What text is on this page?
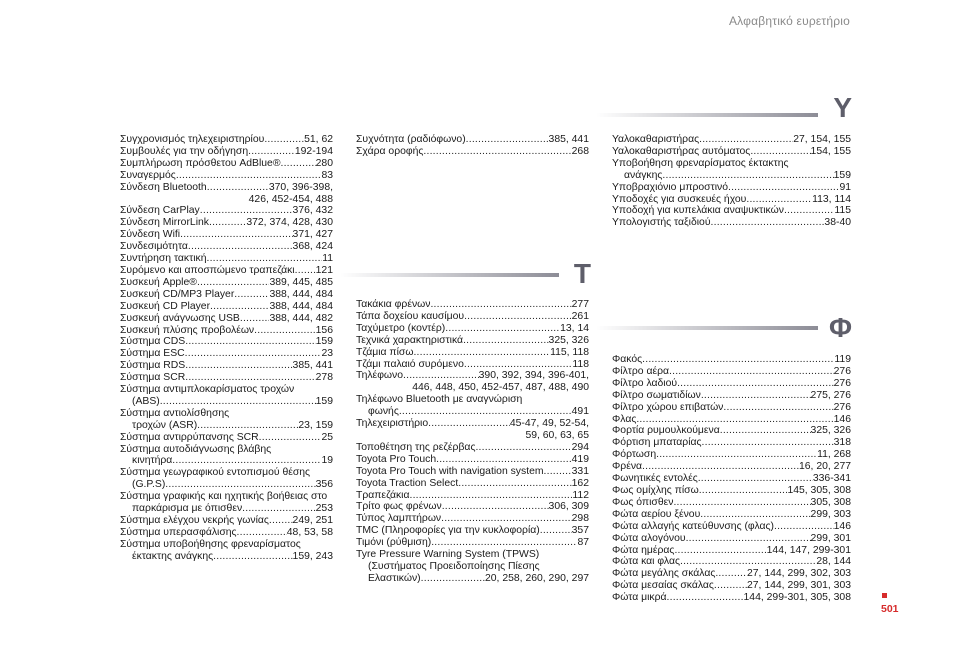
Αλφαβητικό ευρετήριο
Συγχρονισμός τηλεχειριστηρίου .....	51, 62
Συμβουλές για την οδήγηση .....	192-194
Συμπλήρωση πρόσθετου AdBlue® .....	280
Συναγερμός .....	83
Σύνδεση Bluetooth .....	370, 396-398,
426, 452-454, 488
Σύνδεση CarPlay .....	376, 432
Σύνδεση MirrorLink .....	372, 374, 428, 430
Σύνδεση Wifi .....	371, 427
Συνδεσιμότητα .....	368, 424
Συντήρηση τακτική .....	11
Συρόμενο και αποσπώμενο τραπεζάκι ..... 121
Συσκευή Apple® .....	389, 445, 485
Συσκευή CD/MP3 Player .....	388, 444, 484
Συσκευή CD Player .....	388, 444, 484
Συσκευή ανάγνωσης USB .....	388, 444, 482
Συσκευή πλύσης προβολέων .....	156
Σύστημα CDS .....	159
Σύστημα ESC .....	23
Σύστημα RDS .....	385, 441
Σύστημα SCR .....	278
Σύστημα αντιμπλοκαρίσματος τροχών
(ABS) .....	159
Σύστημα αντιολίσθησης
τροχών (ASR) .....	23, 159
Σύστημα αντιρρύπανσης SCR .....	25
Σύστημα αυτοδιάγνωσης βλάβης
κινητήρα .....	19
Σύστημα γεωγραφικού εντοπισμού θέσης
(G.P.S) .....	356
Σύστημα γραφικής και ηχητικής βοήθειας στο
παρκάρισμα με όπισθεν .....	253
Σύστημα ελέγχου νεκρής γωνίας ..... 249, 251
Σύστημα υπερασφάλισης .....	48, 53, 58
Σύστημα υποβοήθησης φρεναρίσματος
έκτακτης ανάγκης .....	159, 243
Συχνότητα (ραδιόφωνο) .....	385, 441
Σχάρα οροφής .....	268
Τ
Τακάκια φρένων .....	277
Τάπα δοχείου καυσίμου .....	261
Ταχύμετρο (κοντέρ) .....	13, 14
Τεχνικά χαρακτηριστικά .....	325, 326
Τζάμια πίσω .....	115, 118
Τζάμι παλαιό συρόμενο .....	118
Τηλέφωνο .....	390, 392, 394, 396-401,
446, 448, 450, 452-457, 487, 488, 490
Τηλέφωνο Bluetooth με αναγνώριση
φωνής .....	491
Τηλεχειριστήριο .....	45-47, 49, 52-54,
59, 60, 63, 65
Τοποθέτηση της ρεζέρβας .....	294
Toyota Pro Touch .....	419
Toyota Pro Touch with navigation system .....	331
Toyota Traction Select .....	162
Τραπεζάκια .....	112
Τρίτο φως φρένων .....	306, 309
Τύπος λαμπτήρων .....	298
TMC (Πληροφορίες για την κυκλοφορία) .....	357
Τιμόνι (ρύθμιση) .....	87
Tyre Pressure Warning System (TPWS)
(Συστήματος Προειδοποίησης Πίεσης
Ελαστικών) .....	20, 258, 260, 290, 297
Υ
Υαλοκαθαριστήρας .....	27, 154, 155
Υαλοκαθαριστήρας αυτόματος .....	154, 155
Υποβοήθηση φρεναρίσματος έκτακτης
ανάγκης .....	159
Υποβραχιόνιο μπροστινό .....	91
Υποδοχές για συσκευές ήχου .....	113, 114
Υποδοχή για κυπελάκια αναψυκτικών .....	115
Υπολογιστής ταξιδιού .....	38-40
Φ
Φακός .....	119
Φίλτρο αέρα .....	276
Φίλτρο λαδιού .....	276
Φίλτρο σωματιδίων .....	275, 276
Φίλτρο χώρου επιβατών .....	276
Φλας .....	146
Φορτία ρυμουλκούμενα .....	325, 326
Φόρτιση μπαταρίας .....	318
Φόρτωση .....	11, 268
Φρένα .....	16, 20, 277
Φωνητικές εντολές .....	336-341
Φως ομίχλης πίσω .....	145, 305, 308
Φως όπισθεν .....	305, 308
Φώτα αερίου ξένου .....	299, 303
Φώτα αλλαγής κατεύθυνσης (φλας) .....	146
Φώτα αλογόνου .....	299, 301
Φώτα ημέρας .....	144, 147, 299-301
Φώτα και φλας .....	28, 144
Φώτα μεγάλης σκάλας .....	27, 144, 299, 302, 303
Φώτα μεσαίας σκάλας .....	27, 144, 299, 301, 303
Φώτα μικρά .....	144, 299-301, 305, 308
501
